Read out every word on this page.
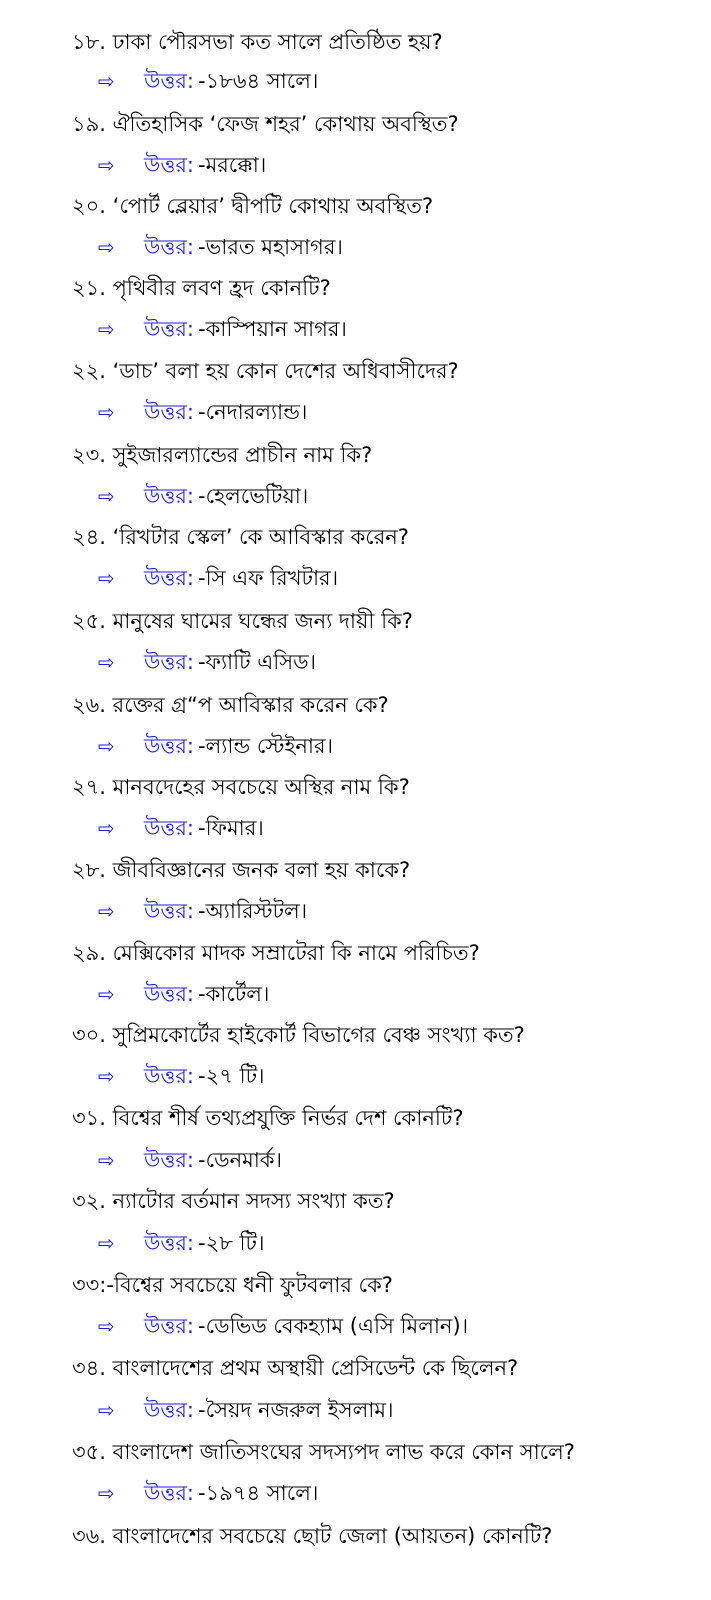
১৮. ঢাকা পৌরসভা কত সালে প্রতিষ্ঠিত হয়?
⇨ উত্তর: -১৮৬৪ সালে।
১৯. ঐতিহাসিক ‘ফেজ শহর’ কোথায় অবস্থিত?
⇨ উত্তর: -মরক্কো।
২০. ‘পোর্ট ব্লেয়ার’ দ্বীপটি কোথায় অবস্থিত?
⇨ উত্তর: -ভারত মহাসাগর।
২১. পৃথিবীর লবণ হ্রদ কোনটি?
⇨ উত্তর: -কাস্পিয়ান সাগর।
২২. ‘ডাচ’ বলা হয় কোন দেশের অধিবাসীদের?
⇨ উত্তর: -নেদারল্যান্ড।
২৩. সুইজারল্যান্ডের প্রাচীন নাম কি?
⇨ উত্তর: -হেলভেটিয়া।
২৪. ‘রিখটার স্কেল’ কে আবিস্কার করেন?
⇨ উত্তর: -সি এফ রিখটার।
২৫. মানুষের ঘামের ঘন্ধের জন্য দায়ী কি?
⇨ উত্তর: -ফ্যাটি এসিড।
২৬. রক্তের গ্র“প আবিস্কার করেন কে?
⇨ উত্তর: -ল্যান্ড স্টেইনার।
২৭. মানবদেহের সবচেয়ে অস্থির নাম কি?
⇨ উত্তর: -ফিমার।
২৮. জীববিজ্ঞানের জনক বলা হয় কাকে?
⇨ উত্তর: -অ্যারিস্টটল।
২৯. মেক্সিকোর মাদক সম্রাটেরা কি নামে পরিচিত?
⇨ উত্তর: -কার্টেল।
৩০. সুপ্রিমকোর্টের হাইকোর্ট বিভাগের বেঞ্চ সংখ্যা কত?
⇨ উত্তর: -২৭ টি।
৩১. বিশ্বের শীর্ষ তথ্যপ্রযুক্তি নির্ভর দেশ কোনটি?
⇨ উত্তর: -ডেনমার্ক।
৩২. ন্যাটোর বর্তমান সদস্য সংখ্যা কত?
⇨ উত্তর: -২৮ টি।
৩৩:-বিশ্বের সবচেয়ে ধনী ফুটবলার কে?
⇨ উত্তর: -ডেভিড বেকহ্যাম (এসি মিলান)।
৩৪. বাংলাদেশের প্রথম অস্থায়ী প্রেসিডেন্ট কে ছিলেন?
⇨ উত্তর: -সৈয়দ নজরুল ইসলাম।
৩৫. বাংলাদেশ জাতিসংঘের সদস্যপদ লাভ করে কোন সালে?
⇨ উত্তর: -১৯৭৪ সালে।
৩৬. বাংলাদেশের সবচেয়ে ছোট জেলা (আয়তন) কোনটি?
